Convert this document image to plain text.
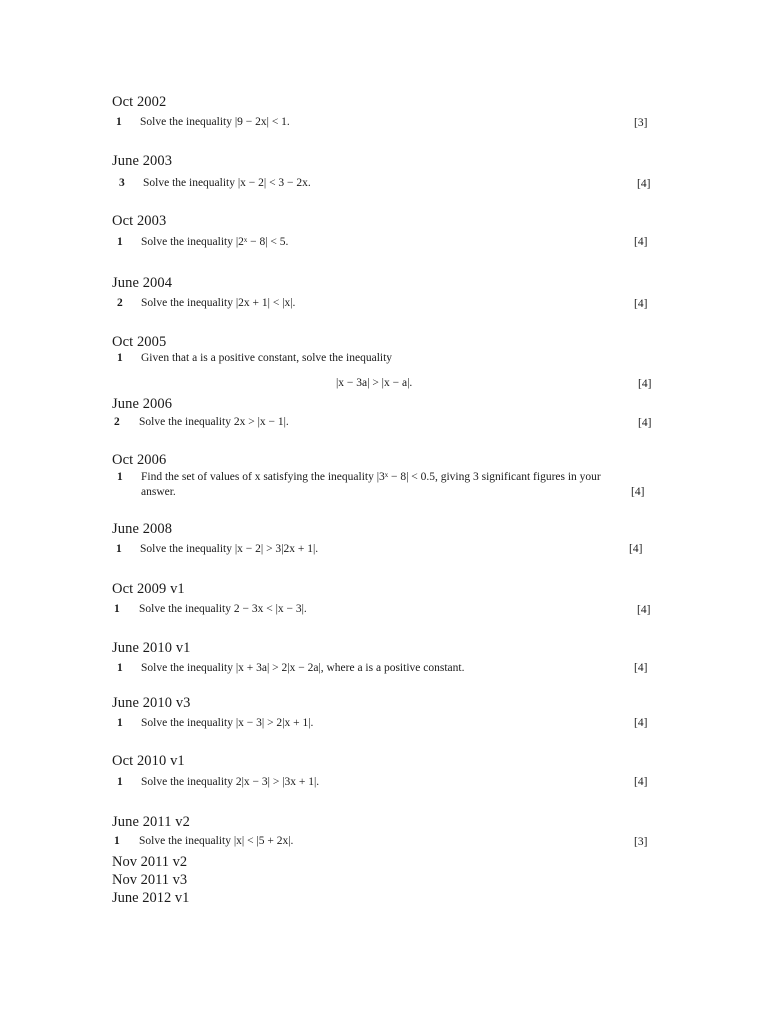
Oct 2002
1 Solve the inequality |9 − 2x| < 1.	[3]
June 2003
3 Solve the inequality |x − 2| < 3 − 2x.	[4]
Oct 2003
1 Solve the inequality |2ˣ − 8| < 5.	[4]
June 2004
2 Solve the inequality |2x + 1| < |x|.	[4]
Oct 2005
1 Given that a is a positive constant, solve the inequality
|x − 3a| > |x − a|.	[4]
June 2006
2 Solve the inequality 2x > |x − 1|.	[4]
Oct 2006
1 Find the set of values of x satisfying the inequality |3ˣ − 8| < 0.5, giving 3 significant figures in your
answer.	[4]
June 2008
1 Solve the inequality |x − 2| > 3|2x + 1|.	[4]
Oct 2009 v1
1 Solve the inequality 2 − 3x < |x − 3|.	[4]
June 2010 v1
1 Solve the inequality |x + 3a| > 2|x − 2a|, where a is a positive constant.	[4]
June 2010 v3
1 Solve the inequality |x − 3| > 2|x + 1|.	[4]
Oct 2010 v1
1 Solve the inequality 2|x − 3| > |3x + 1|.	[4]
June 2011 v2
1 Solve the inequality |x| < |5 + 2x|.	[3]
Nov 2011 v2
Nov 2011 v3
June 2012 v1
